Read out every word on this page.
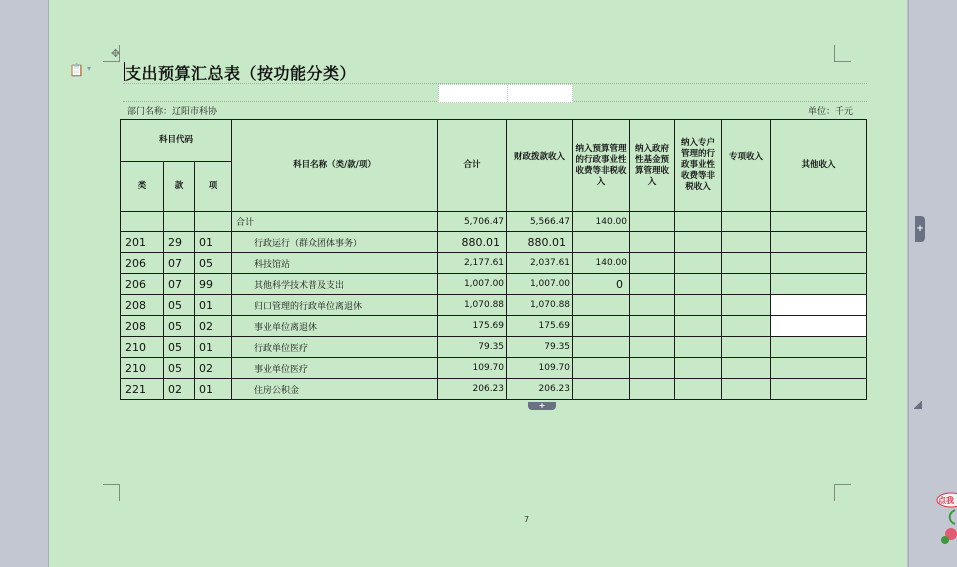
📋 ▾
✥
支出预算汇总表（按功能分类）
部门名称：辽阳市科协	单位：千元
科目代码			科目名称（类/款/项）	合计	财政拨款收入	纳入预算管理的行政事业性收费等非税收入	纳入政府性基金预算管理收入	纳入专户管理的行政事业性收费等非税收入	专项收入	其他收入
类	款	项								
			合计	5,706.47	5,566.47	140.00				
201	29	01	行政运行（群众团体事务）	880.01	880.01					
206	07	05	科技馆站	2,177.61	2,037.61	140.00				
206	07	99	其他科学技术普及支出	1,007.00	1,007.00	0				
208	05	01	归口管理的行政单位离退休	1,070.88	1,070.88					
208	05	02	事业单位离退休	175.69	175.69					
210	05	01	行政单位医疗	79.35	79.35					
210	05	02	事业单位医疗	109.70	109.70					
221	02	01	住房公积金	206.23	206.23					
+
+
7
点我
